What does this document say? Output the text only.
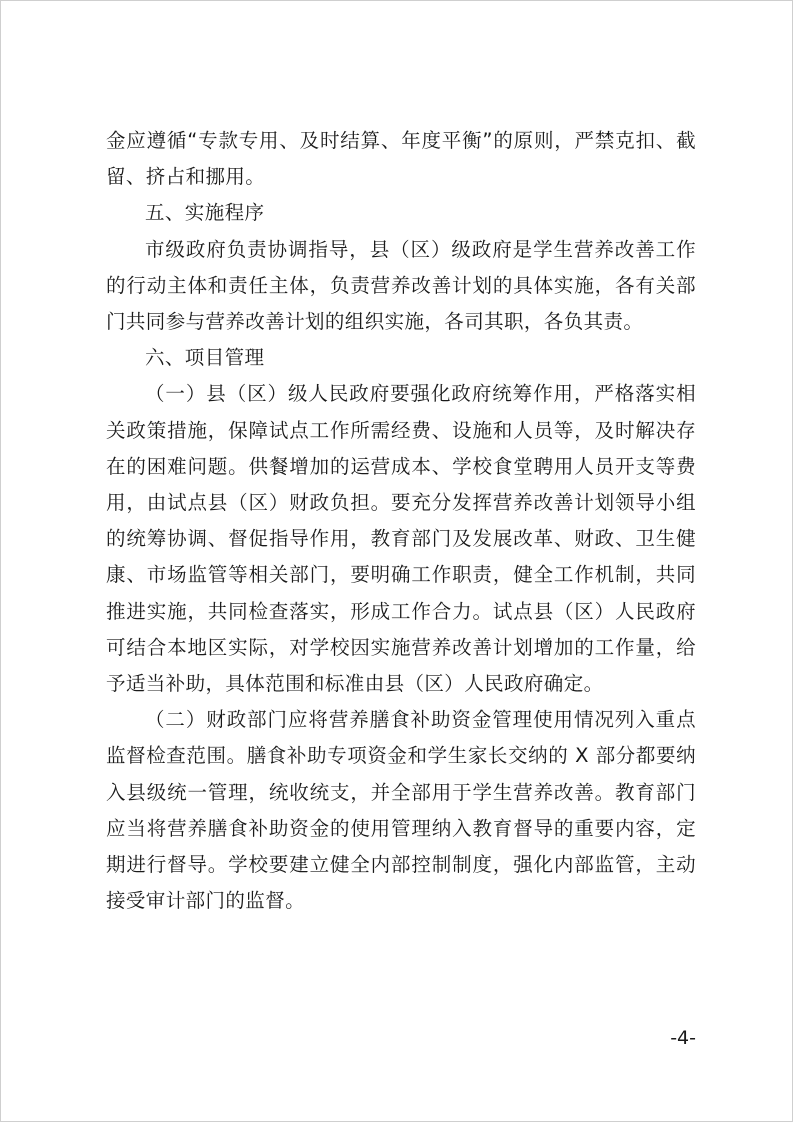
金应遵循“专款专用、及时结算、年度平衡”的原则，严禁克扣、截留、挤占和挪用。

五、实施程序

市级政府负责协调指导，县（区）级政府是学生营养改善工作的行动主体和责任主体，负责营养改善计划的具体实施，各有关部门共同参与营养改善计划的组织实施，各司其职，各负其责。

六、项目管理

（一）县（区）级人民政府要强化政府统筹作用，严格落实相关政策措施，保障试点工作所需经费、设施和人员等，及时解决存在的困难问题。供餐增加的运营成本、学校食堂聘用人员开支等费用，由试点县（区）财政负担。要充分发挥营养改善计划领导小组的统筹协调、督促指导作用，教育部门及发展改革、财政、卫生健康、市场监管等相关部门，要明确工作职责，健全工作机制，共同推进实施，共同检查落实，形成工作合力。试点县（区）人民政府可结合本地区实际，对学校因实施营养改善计划增加的工作量，给予适当补助，具体范围和标准由县（区）人民政府确定。

（二）财政部门应将营养膳食补助资金管理使用情况列入重点监督检查范围。膳食补助专项资金和学生家长交纳的 X 部分都要纳入县级统一管理，统收统支，并全部用于学生营养改善。教育部门应当将营养膳食补助资金的使用管理纳入教育督导的重要内容，定期进行督导。学校要建立健全内部控制制度，强化内部监管，主动接受审计部门的监督。

-4-
